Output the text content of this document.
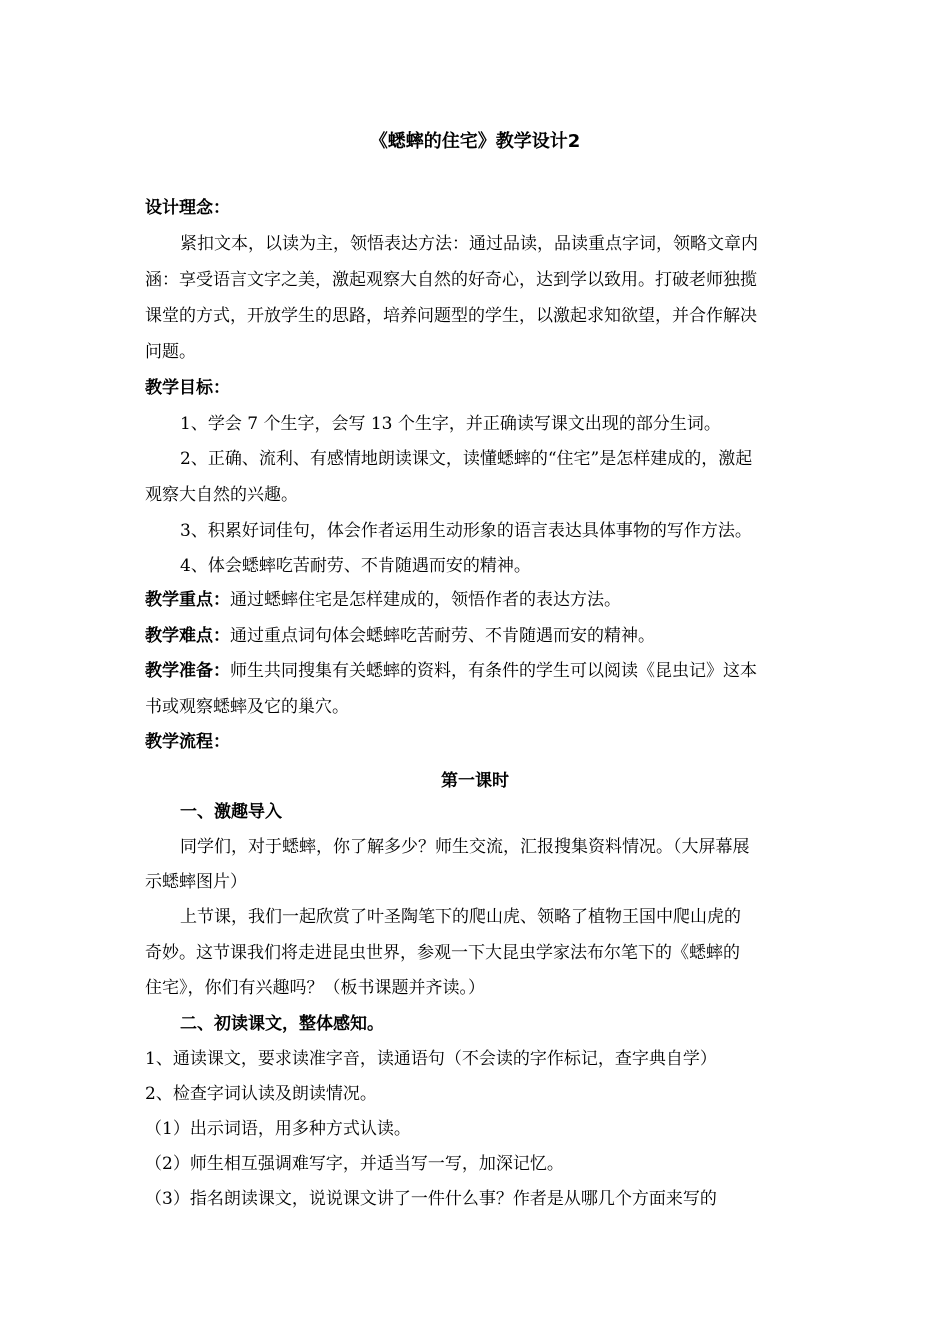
《蟋蟀的住宅》教学设计2
设计理念：
紧扣文本，以读为主，领悟表达方法：通过品读，品读重点字词，领略文章内
涵：享受语言文字之美，激起观察大自然的好奇心，达到学以致用。打破老师独揽
课堂的方式，开放学生的思路，培养问题型的学生，以激起求知欲望，并合作解决
问题。
教学目标：
1、学会 7 个生字，会写 13 个生字，并正确读写课文出现的部分生词。
2、正确、流利、有感情地朗读课文，读懂蟋蟀的“住宅”是怎样建成的，激起
观察大自然的兴趣。
3、积累好词佳句，体会作者运用生动形象的语言表达具体事物的写作方法。
4、体会蟋蟀吃苦耐劳、不肯随遇而安的精神。
教学重点：通过蟋蟀住宅是怎样建成的，领悟作者的表达方法。
教学难点：通过重点词句体会蟋蟀吃苦耐劳、不肯随遇而安的精神。
教学准备：师生共同搜集有关蟋蟀的资料，有条件的学生可以阅读《昆虫记》这本
书或观察蟋蟀及它的巢穴。
教学流程：
第一课时
一、激趣导入
同学们，对于蟋蟀，你了解多少？师生交流，汇报搜集资料情况。（大屏幕展
示蟋蟀图片）
上节课，我们一起欣赏了叶圣陶笔下的爬山虎、领略了植物王国中爬山虎的
奇妙。这节课我们将走进昆虫世界，参观一下大昆虫学家法布尔笔下的《蟋蟀的
住宅》，你们有兴趣吗？（板书课题并齐读。）
二、初读课文，整体感知。
1、通读课文，要求读准字音，读通语句（不会读的字作标记，查字典自学）
2、检查字词认读及朗读情况。
（1）出示词语，用多种方式认读。
（2）师生相互强调难写字，并适当写一写，加深记忆。
（3）指名朗读课文，说说课文讲了一件什么事？作者是从哪几个方面来写的
